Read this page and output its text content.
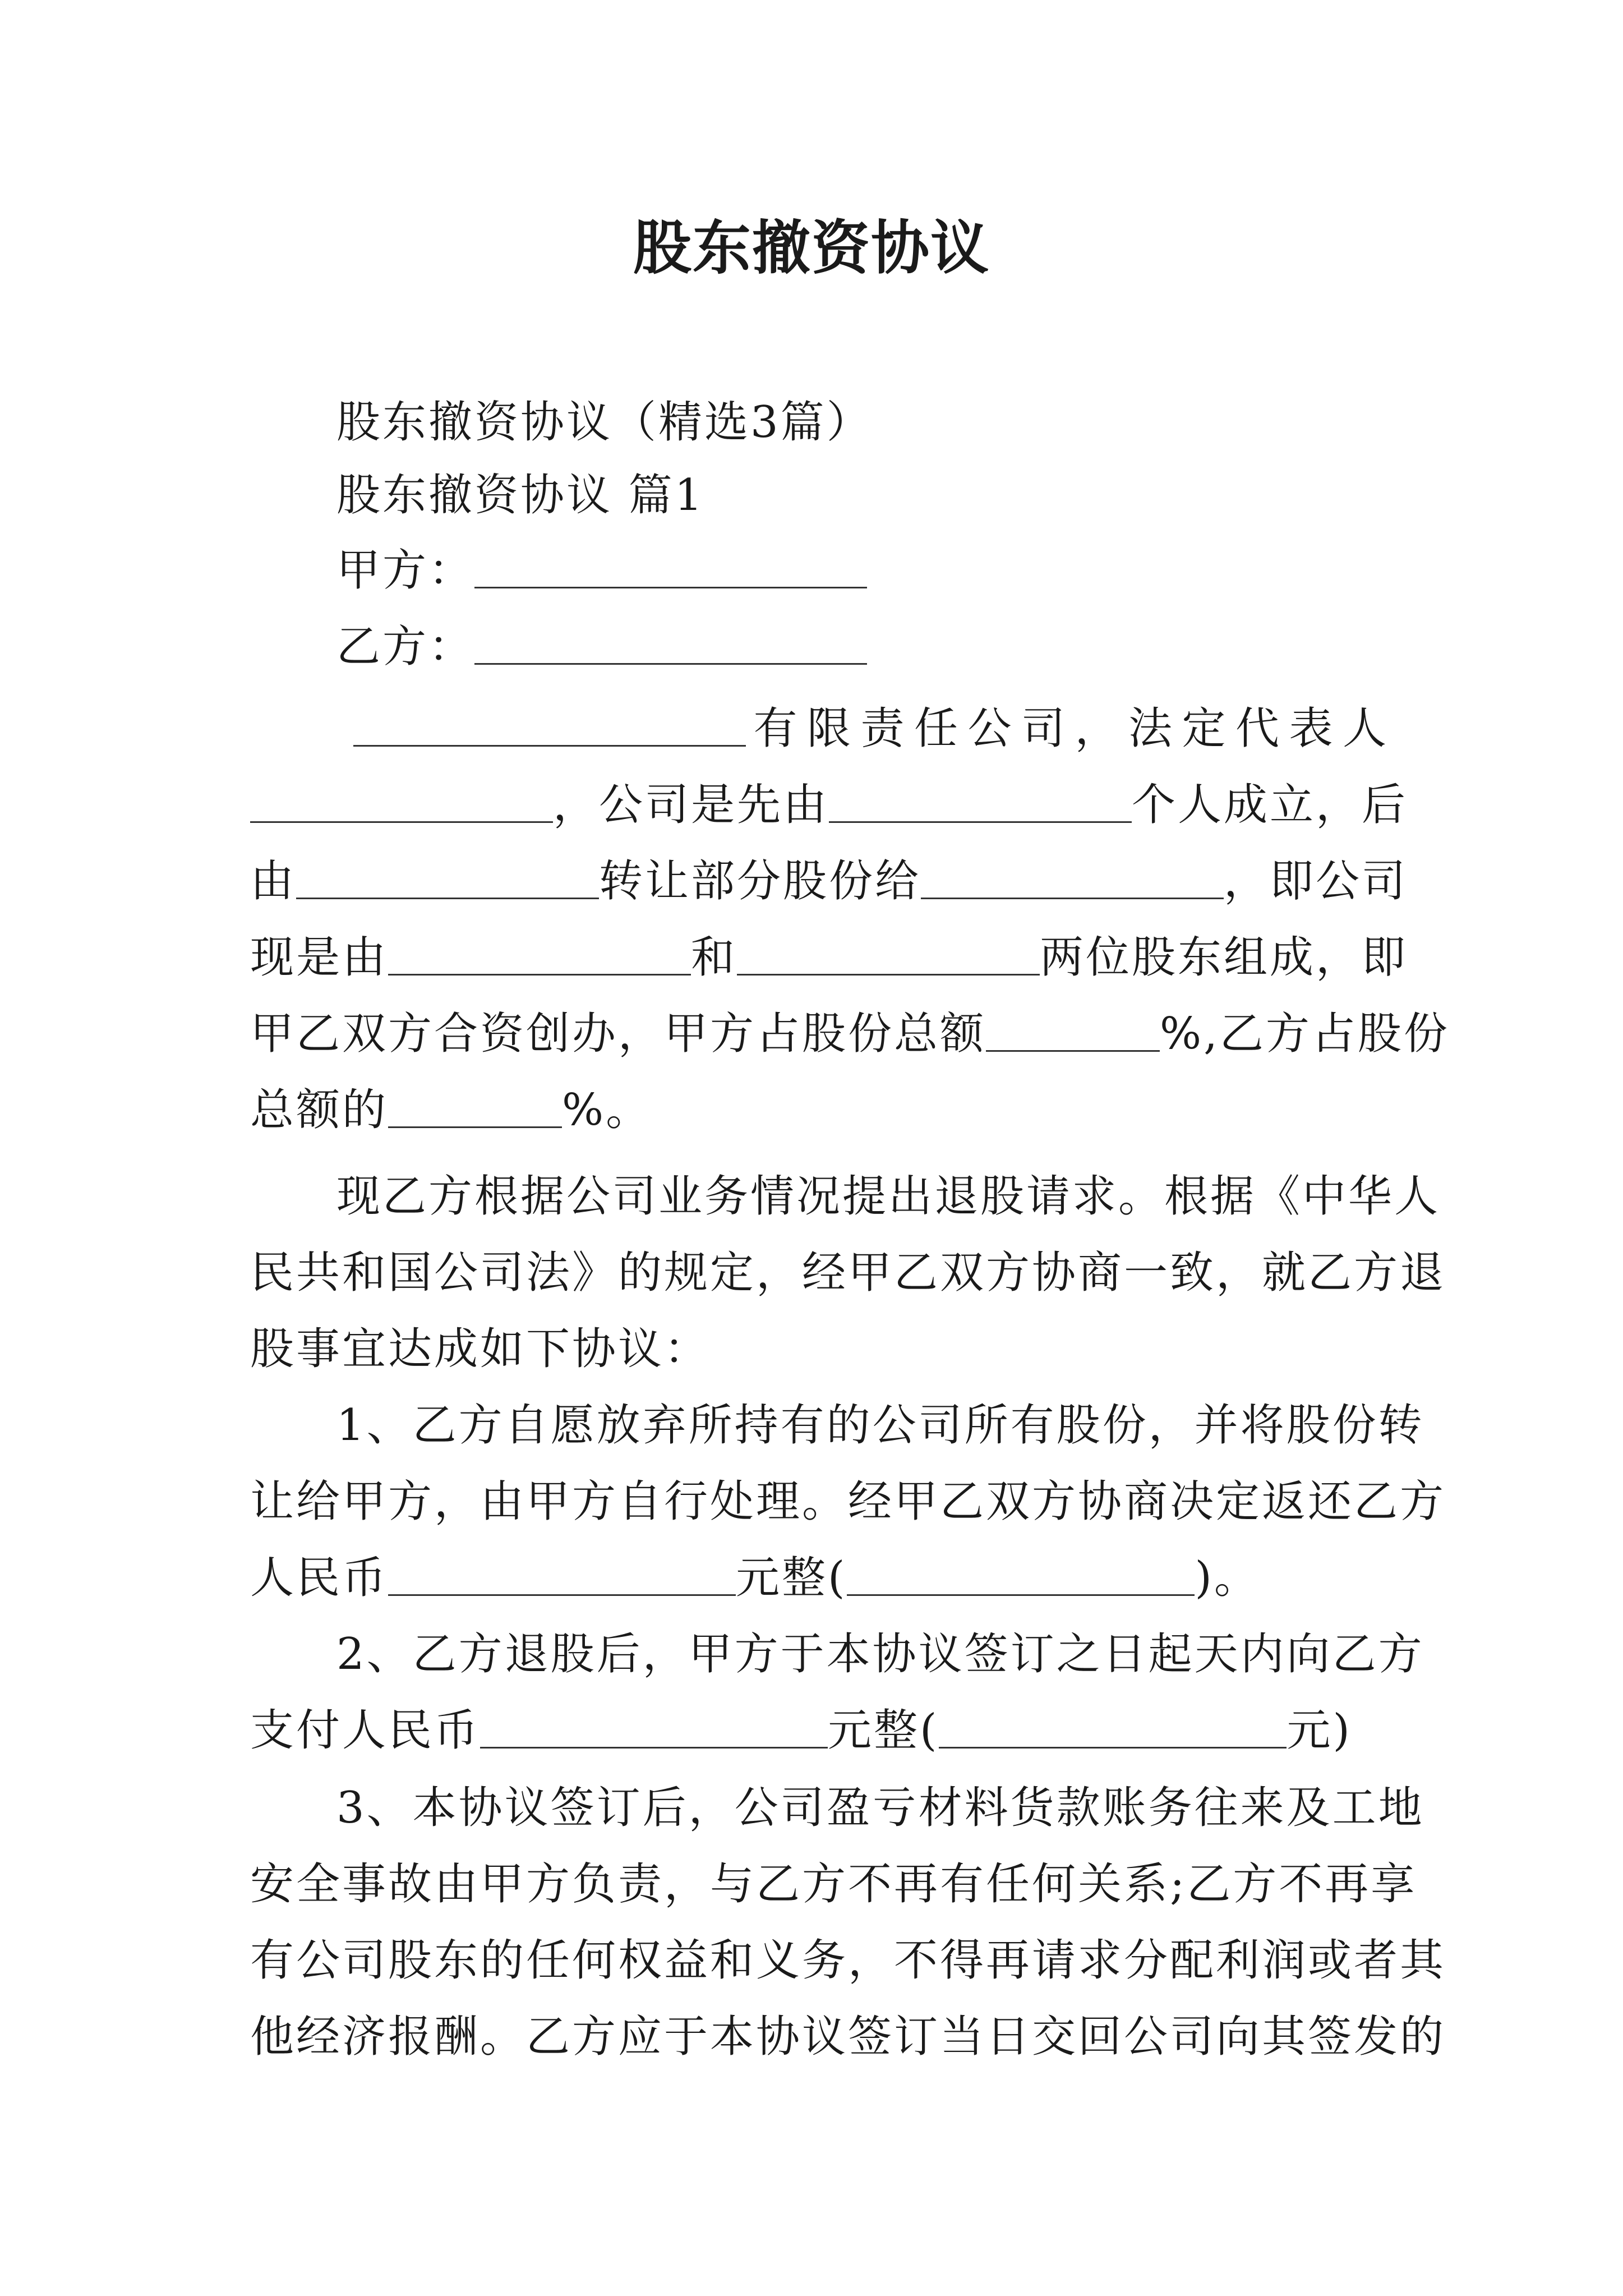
股东撤资协议
股东撤资协议（精选3篇）
股东撤资协议 篇1
甲方：
乙方：
有限责任公司，法定代表人
，公司是先由	个人成立，后
由	转让部分股份给	，即公司
现是由	和	两位股东组成，即
甲乙双方合资创办，甲方占股份总额	%,乙方占股份
总额的	%。
现乙方根据公司业务情况提出退股请求。根据《中华人
民共和国公司法》的规定，经甲乙双方协商一致，就乙方退
股事宜达成如下协议：
1、乙方自愿放弃所持有的公司所有股份，并将股份转
让给甲方，由甲方自行处理。经甲乙双方协商决定返还乙方
人民币	元整(	)。
2、乙方退股后，甲方于本协议签订之日起天内向乙方
支付人民币	元整(	元)
3、本协议签订后，公司盈亏材料货款账务往来及工地
安全事故由甲方负责，与乙方不再有任何关系;乙方不再享
有公司股东的任何权益和义务，不得再请求分配利润或者其
他经济报酬。乙方应于本协议签订当日交回公司向其签发的
